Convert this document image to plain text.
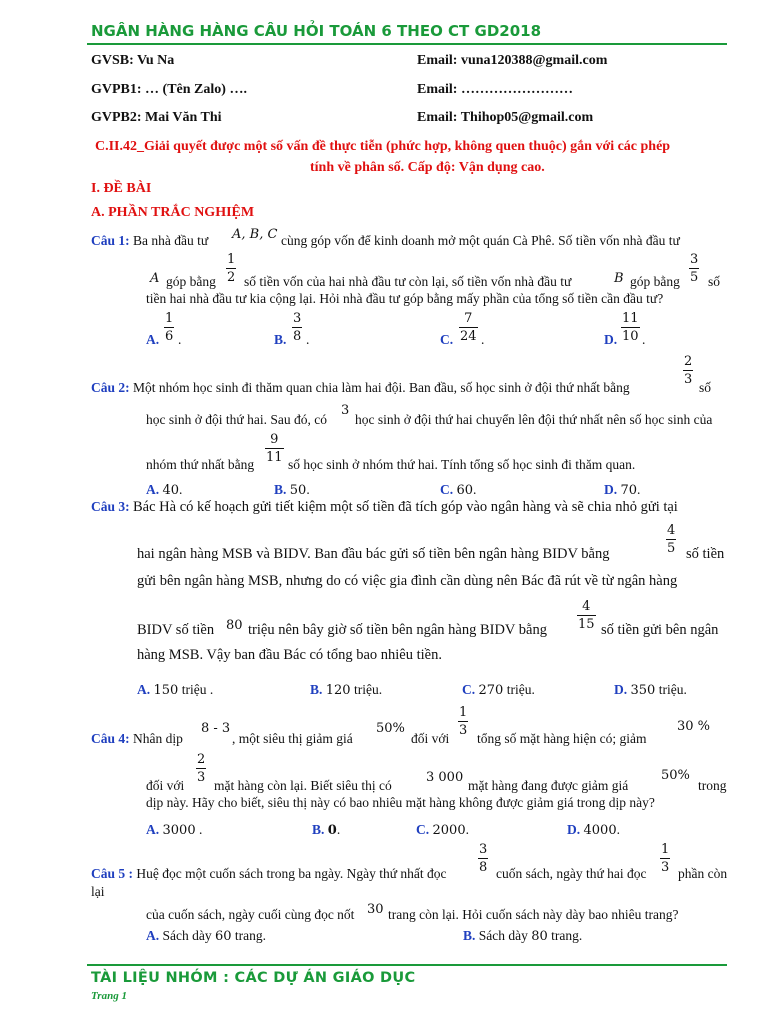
NGÂN HÀNG HÀNG CÂU HỎI TOÁN 6 THEO CT GD2018
GVSB: Vu Na	Email: vuna120388@gmail.com
GVPB1: … (Tên Zalo) ….	Email: ……………………
GVPB2: Mai Văn Thi	Email: Thihop05@gmail.com
C.II.42_Giải quyết được một số vấn đề thực tiễn (phức hợp, không quen thuộc) gắn với các phép
tính về phân số. Cấp độ: Vận dụng cao.
I. ĐỀ BÀI
A. PHẦN TRẮC NGHIỆM
Câu 1: Ba nhà đầu tư A, B, C cùng góp vốn để kinh doanh mở một quán Cà Phê. Số tiền vốn nhà đầu tư
A góp bằng $\frac{1}{2}$ số tiền vốn của hai nhà đầu tư còn lại, số tiền vốn nhà đầu tư	B góp bằng $\frac{3}{5}$ số
tiền hai nhà đầu tư kia cộng lại. Hỏi nhà đầu tư góp bằng mấy phần của tổng số tiền cần đầu tư?
A. $\frac{1}{6}$ .	B. $\frac{3}{8}$ .	C. $\frac{7}{24}$ .	D. $\frac{11}{10}$ .
Câu 2: Một nhóm học sinh đi thăm quan chia làm hai đội. Ban đầu, số học sinh ở đội thứ nhất bằng	$\frac{2}{3}$ số
học sinh ở đội thứ hai. Sau đó, có
3
học sinh ở đội thứ hai chuyển lên đội thứ nhất nên số học sinh của
nhóm thứ nhất bằng $\frac{9}{11}$ số học sinh ở nhóm thứ hai. Tính tổng số học sinh đi thăm quan.
A. 40.	B. 50.	C. 60.	D. 70.
Câu 3: Bác Hà có kế hoạch gửi tiết kiệm một số tiền đã tích góp vào ngân hàng và sẽ chia nhỏ gửi tại
hai ngân hàng MSB và BIDV. Ban đầu bác gửi số tiền bên ngân hàng BIDV bằng	$\frac{4}{5}$ số tiền
gửi bên ngân hàng MSB, nhưng do có việc gia đình cần dùng nên Bác đã rút về từ ngân hàng
BIDV số tiền 80 triệu nên bây giờ số tiền bên ngân hàng BIDV bằng $\frac{4}{15}$ số tiền gửi bên ngân
hàng MSB. Vậy ban đầu Bác có tổng bao nhiêu tiền.
A. 150 triệu .	B. 120 triệu.	C. 270 triệu.	D. 350 triệu.
Câu 4: Nhân dịp
8 - 3
, một siêu thị giảm giá
50%
đối với $\frac{1}{3}$ tổng số mặt hàng hiện có; giảm
30 %
đối với $\frac{2}{3}$ mặt hàng còn lại. Biết siêu thị có
3 000
mặt hàng đang được giảm giá
50%
trong
dịp này. Hãy cho biết, siêu thị này có bao nhiêu mặt hàng không được giảm giá trong dịp này?
A. 3000 .	B. 0.	C. 2000.	D. 4000.
Câu 5 : Huệ đọc một cuốn sách trong ba ngày. Ngày thứ nhất đọc $\frac{3}{8}$ cuốn sách, ngày thứ hai đọc $\frac{1}{3}$ phần còn
lại
của cuốn sách, ngày cuối cùng đọc nốt 30 trang còn lại. Hỏi cuốn sách này dày bao nhiêu trang?
A. Sách dày 60 trang.	B. Sách dày 80 trang.
TÀI LIỆU NHÓM : CÁC DỰ ÁN GIÁO DỤC
Trang 1
